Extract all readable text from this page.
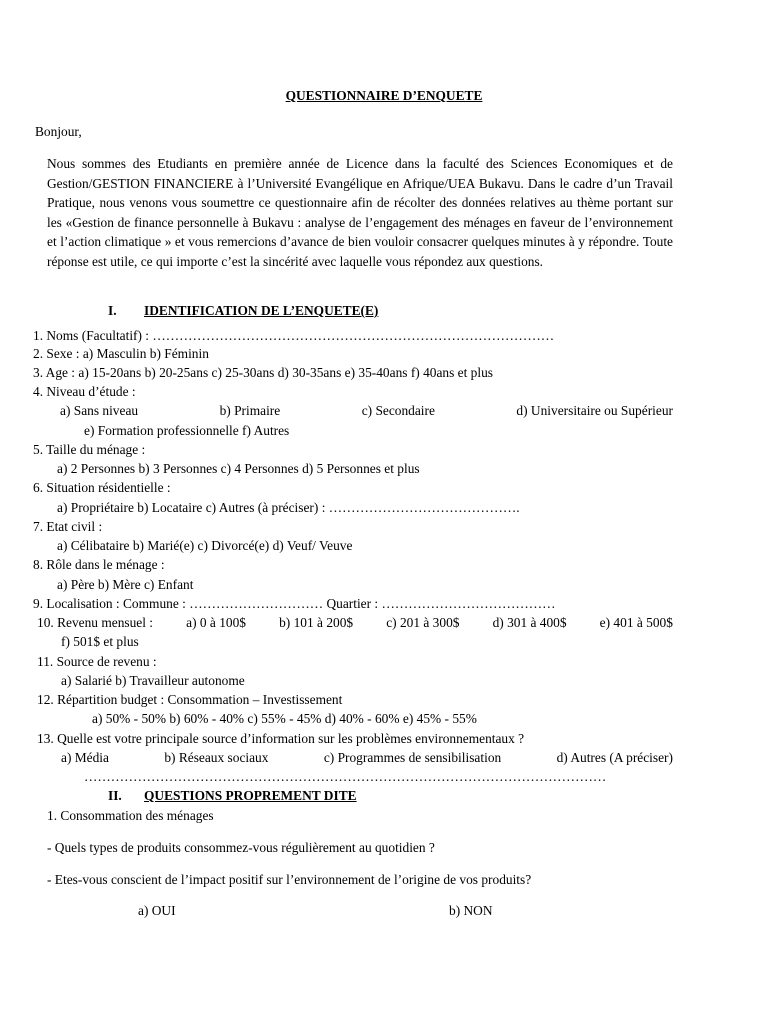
QUESTIONNAIRE D’ENQUETE
Bonjour,
Nous sommes des Etudiants en première année de Licence dans la faculté des Sciences Economiques et de Gestion/GESTION FINANCIERE à l’Université Evangélique en Afrique/UEA Bukavu. Dans le cadre d’un Travail Pratique, nous venons vous soumettre ce questionnaire afin de récolter des données relatives au thème portant sur les «Gestion de finance personnelle à Bukavu : analyse de l’engagement des ménages en faveur de l’environnement et l’action climatique » et vous remercions d’avance de bien vouloir consacrer quelques minutes à y répondre. Toute réponse est utile, ce qui importe c’est la sincérité avec laquelle vous répondez aux questions.
I. IDENTIFICATION DE L’ENQUETE(E)
1. Noms (Facultatif) : ………………………………………………………………………………
2. Sexe : a) Masculin b) Féminin
3. Age : a) 15-20ans b) 20-25ans c) 25-30ans d) 30-35ans e) 35-40ans f) 40ans et plus
4. Niveau d’étude :
a) Sans niveau	b) Primaire	c) Secondaire	d) Universitaire ou Supérieur
e) Formation professionnelle f) Autres
5. Taille du ménage :
a) 2 Personnes b) 3 Personnes c) 4 Personnes d) 5 Personnes et plus
6. Situation résidentielle :
a) Propriétaire b) Locataire c) Autres (à préciser) : …………………………………….
7. Etat civil :
a) Célibataire b) Marié(e) c) Divorcé(e) d) Veuf/ Veuve
8. Rôle dans le ménage :
a) Père b) Mère c) Enfant
9. Localisation : Commune : ………………………… Quartier : …………………………………
10. Revenu mensuel : a) 0 à 100$ b) 101 à 200$ c) 201 à 300$ d) 301 à 400$ e) 401 à 500$
f) 501$ et plus
11. Source de revenu :
a) Salarié b) Travailleur autonome
12. Répartition budget : Consommation – Investissement
a) 50% - 50% b) 60% - 40% c) 55% - 45% d) 40% - 60% e) 45% - 55%
13. Quelle est votre principale source d’information sur les problèmes environnementaux ?
a) Média	b) Réseaux sociaux	c) Programmes de sensibilisation	d) Autres (A préciser)
………………………………………………………………………………………………………
II. QUESTIONS PROPREMENT DITE
1. Consommation des ménages
- Quels types de produits consommez-vous régulièrement au quotidien ?
- Etes-vous conscient de l’impact positif sur l’environnement de l’origine de vos produits?
a) OUI	b) NON
